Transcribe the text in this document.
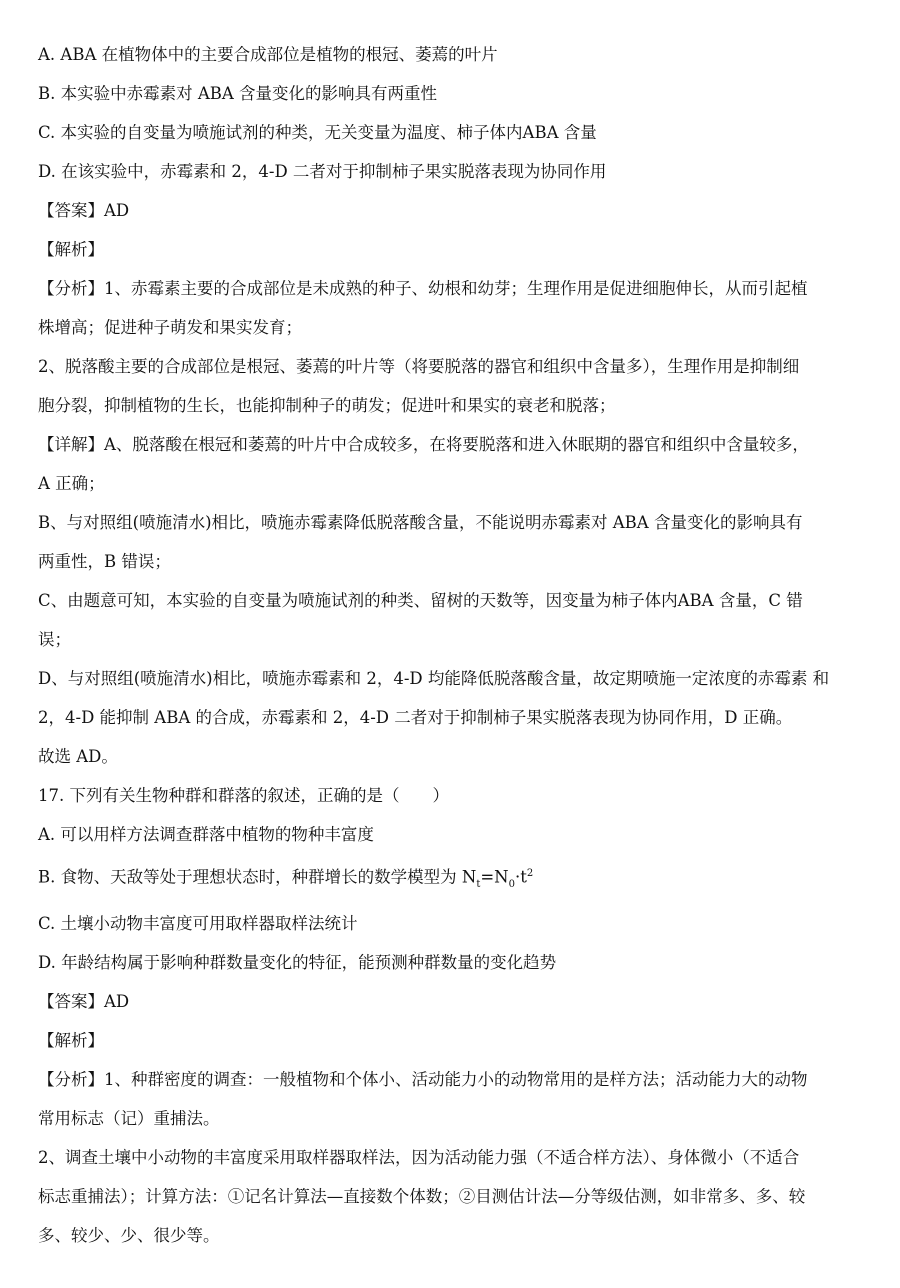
A. ABA 在植物体中的主要合成部位是植物的根冠、萎蔫的叶片

B. 本实验中赤霉素对 ABA 含量变化的影响具有两重性

C. 本实验的自变量为喷施试剂的种类，无关变量为温度、柿子体内ABA 含量

D. 在该实验中，赤霉素和 2，4-D 二者对于抑制柿子果实脱落表现为协同作用

【答案】AD

【解析】

【分析】1、赤霉素主要的合成部位是未成熟的种子、幼根和幼芽；生理作用是促进细胞伸长，从而引起植

株增高；促进种子萌发和果实发育；

2、脱落酸主要的合成部位是根冠、萎蔫的叶片等（将要脱落的器官和组织中含量多），生理作用是抑制细

胞分裂，抑制植物的生长，也能抑制种子的萌发；促进叶和果实的衰老和脱落；

【详解】A、脱落酸在根冠和萎蔫的叶片中合成较多，在将要脱落和进入休眠期的器官和组织中含量较多，

A 正确；

B、与对照组(喷施清水)相比，喷施赤霉素降低脱落酸含量，不能说明赤霉素对 ABA 含量变化的影响具有

两重性，B 错误；

C、由题意可知，本实验的自变量为喷施试剂的种类、留树的天数等，因变量为柿子体内ABA 含量，C 错

误；

D、与对照组(喷施清水)相比，喷施赤霉素和 2，4-D 均能降低脱落酸含量，故定期喷施一定浓度的赤霉素 和

2，4-D 能抑制 ABA 的合成，赤霉素和 2，4-D 二者对于抑制柿子果实脱落表现为协同作用，D 正确。

故选 AD。

17. 下列有关生物种群和群落的叙述，正确的是（　　）

A. 可以用样方法调查群落中植物的物种丰富度

B. 食物、天敌等处于理想状态时，种群增长的数学模型为 $N_t=N_0\cdot t^2$

C. 土壤小动物丰富度可用取样器取样法统计

D. 年龄结构属于影响种群数量变化的特征，能预测种群数量的变化趋势

【答案】AD

【解析】

【分析】1、种群密度的调查：一般植物和个体小、活动能力小的动物常用的是样方法；活动能力大的动物

常用标志（记）重捕法。

2、调查土壤中小动物的丰富度采用取样器取样法，因为活动能力强（不适合样方法）、身体微小（不适合

标志重捕法）；计算方法：①记名计算法—直接数个体数；②目测估计法—分等级估测，如非常多、多、较

多、较少、少、很少等。
